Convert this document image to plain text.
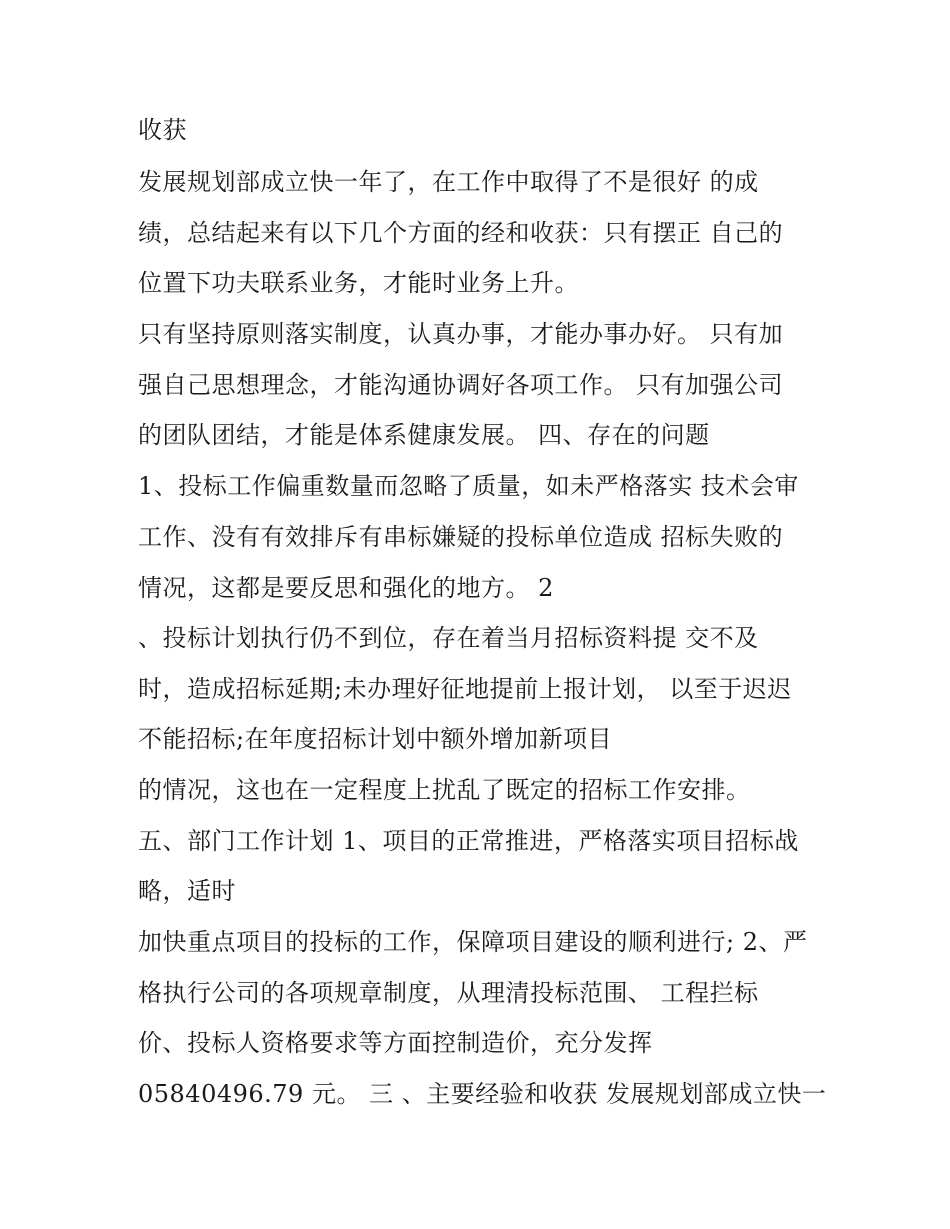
收获

发展规划部成立快一年了，在工作中取得了不是很好 的成

绩，总结起来有以下几个方面的经和收获：只有摆正 自己的

位置下功夫联系业务，才能时业务上升。

只有坚持原则落实制度，认真办事，才能办事办好。 只有加

强自己思想理念，才能沟通协调好各项工作。 只有加强公司

的团队团结，才能是体系健康发展。 四、存在的问题

1、投标工作偏重数量而忽略了质量，如未严格落实 技术会审

工作、没有有效排斥有串标嫌疑的投标单位造成 招标失败的

情况，这都是要反思和强化的地方。 2

、投标计划执行仍不到位，存在着当月招标资料提 交不及

时，造成招标延期;未办理好征地提前上报计划， 以至于迟迟

不能招标;在年度招标计划中额外增加新项目

的情况，这也在一定程度上扰乱了既定的招标工作安排。

五、部门工作计划 1、项目的正常推进，严格落实项目招标战

略，适时

加快重点项目的投标的工作，保障项目建设的顺利进行; 2、严

格执行公司的各项规章制度，从理清投标范围、 工程拦标

价、投标人资格要求等方面控制造价，充分发挥

05840496.79 元。 三 、主要经验和收获 发展规划部成立快一
